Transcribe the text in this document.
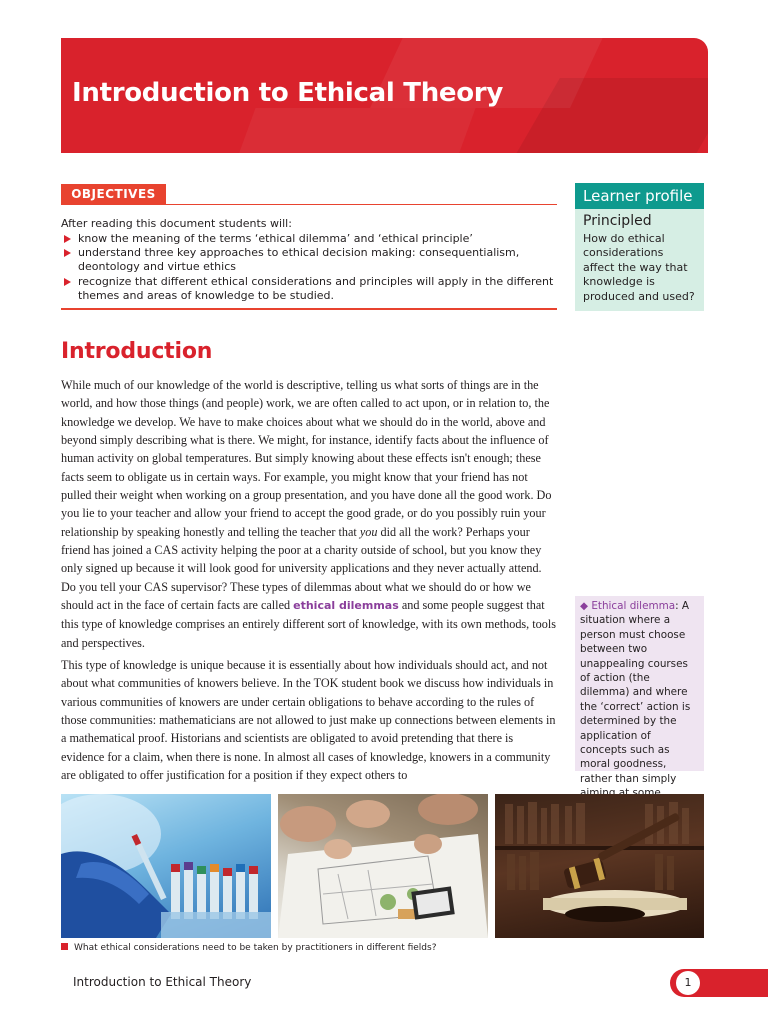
Introduction to Ethical Theory
OBJECTIVES

After reading this document students will:

know the meaning of the terms ‘ethical dilemma’ and ‘ethical principle’
understand three key approaches to ethical decision making: consequentialism, deontology and virtue ethics
recognize that different ethical considerations and principles will apply in the different themes and areas of knowledge to be studied.
Learner profile
Principled
How do ethical considerations affect the way that knowledge is produced and used?
Introduction

While much of our knowledge of the world is descriptive, telling us what sorts of things are in the world, and how those things (and people) work, we are often called to act upon, or in relation to, the knowledge we develop. We have to make choices about what we should do in the world, above and beyond simply describing what is there. We might, for instance, identify facts about the influence of human activity on global temperatures. But simply knowing about these effects isn't enough; these facts seem to obligate us in certain ways. For example, you might know that your friend has not pulled their weight when working on a group presentation, and you have done all the good work. Do you lie to your teacher and allow your friend to accept the good grade, or do you possibly ruin your relationship by speaking honestly and telling the teacher that you did all the work? Perhaps your friend has joined a CAS activity helping the poor at a charity outside of school, but you know they only signed up because it will look good for university applications and they never actually attend. Do you tell your CAS supervisor? These types of dilemmas about what we should do or how we should act in the face of certain facts are called ethical dilemmas and some people suggest that this type of knowledge comprises an entirely different sort of knowledge, with its own methods, tools and perspectives.

This type of knowledge is unique because it is essentially about how individuals should act, and not about what communities of knowers believe. In the TOK student book we discuss how individuals in various communities of knowers are under certain obligations to behave according to the rules of those communities: mathematicians are not allowed to just make up connections between elements in a mathematical proof. Historians and scientists are obligated to avoid pretending that there is evidence for a claim, when there is none. In almost all cases of knowledge, knowers in a community are obligated to offer justification for a position if they expect others to

◆ Ethical dilemma: A situation where a person must choose between two unappealing courses of action (the dilemma) and where the ‘correct’ action is determined by the application of concepts such as moral goodness, rather than simply

What ethical considerations need to be taken by practitioners in different fields?

Introduction to Ethical Theory	1
